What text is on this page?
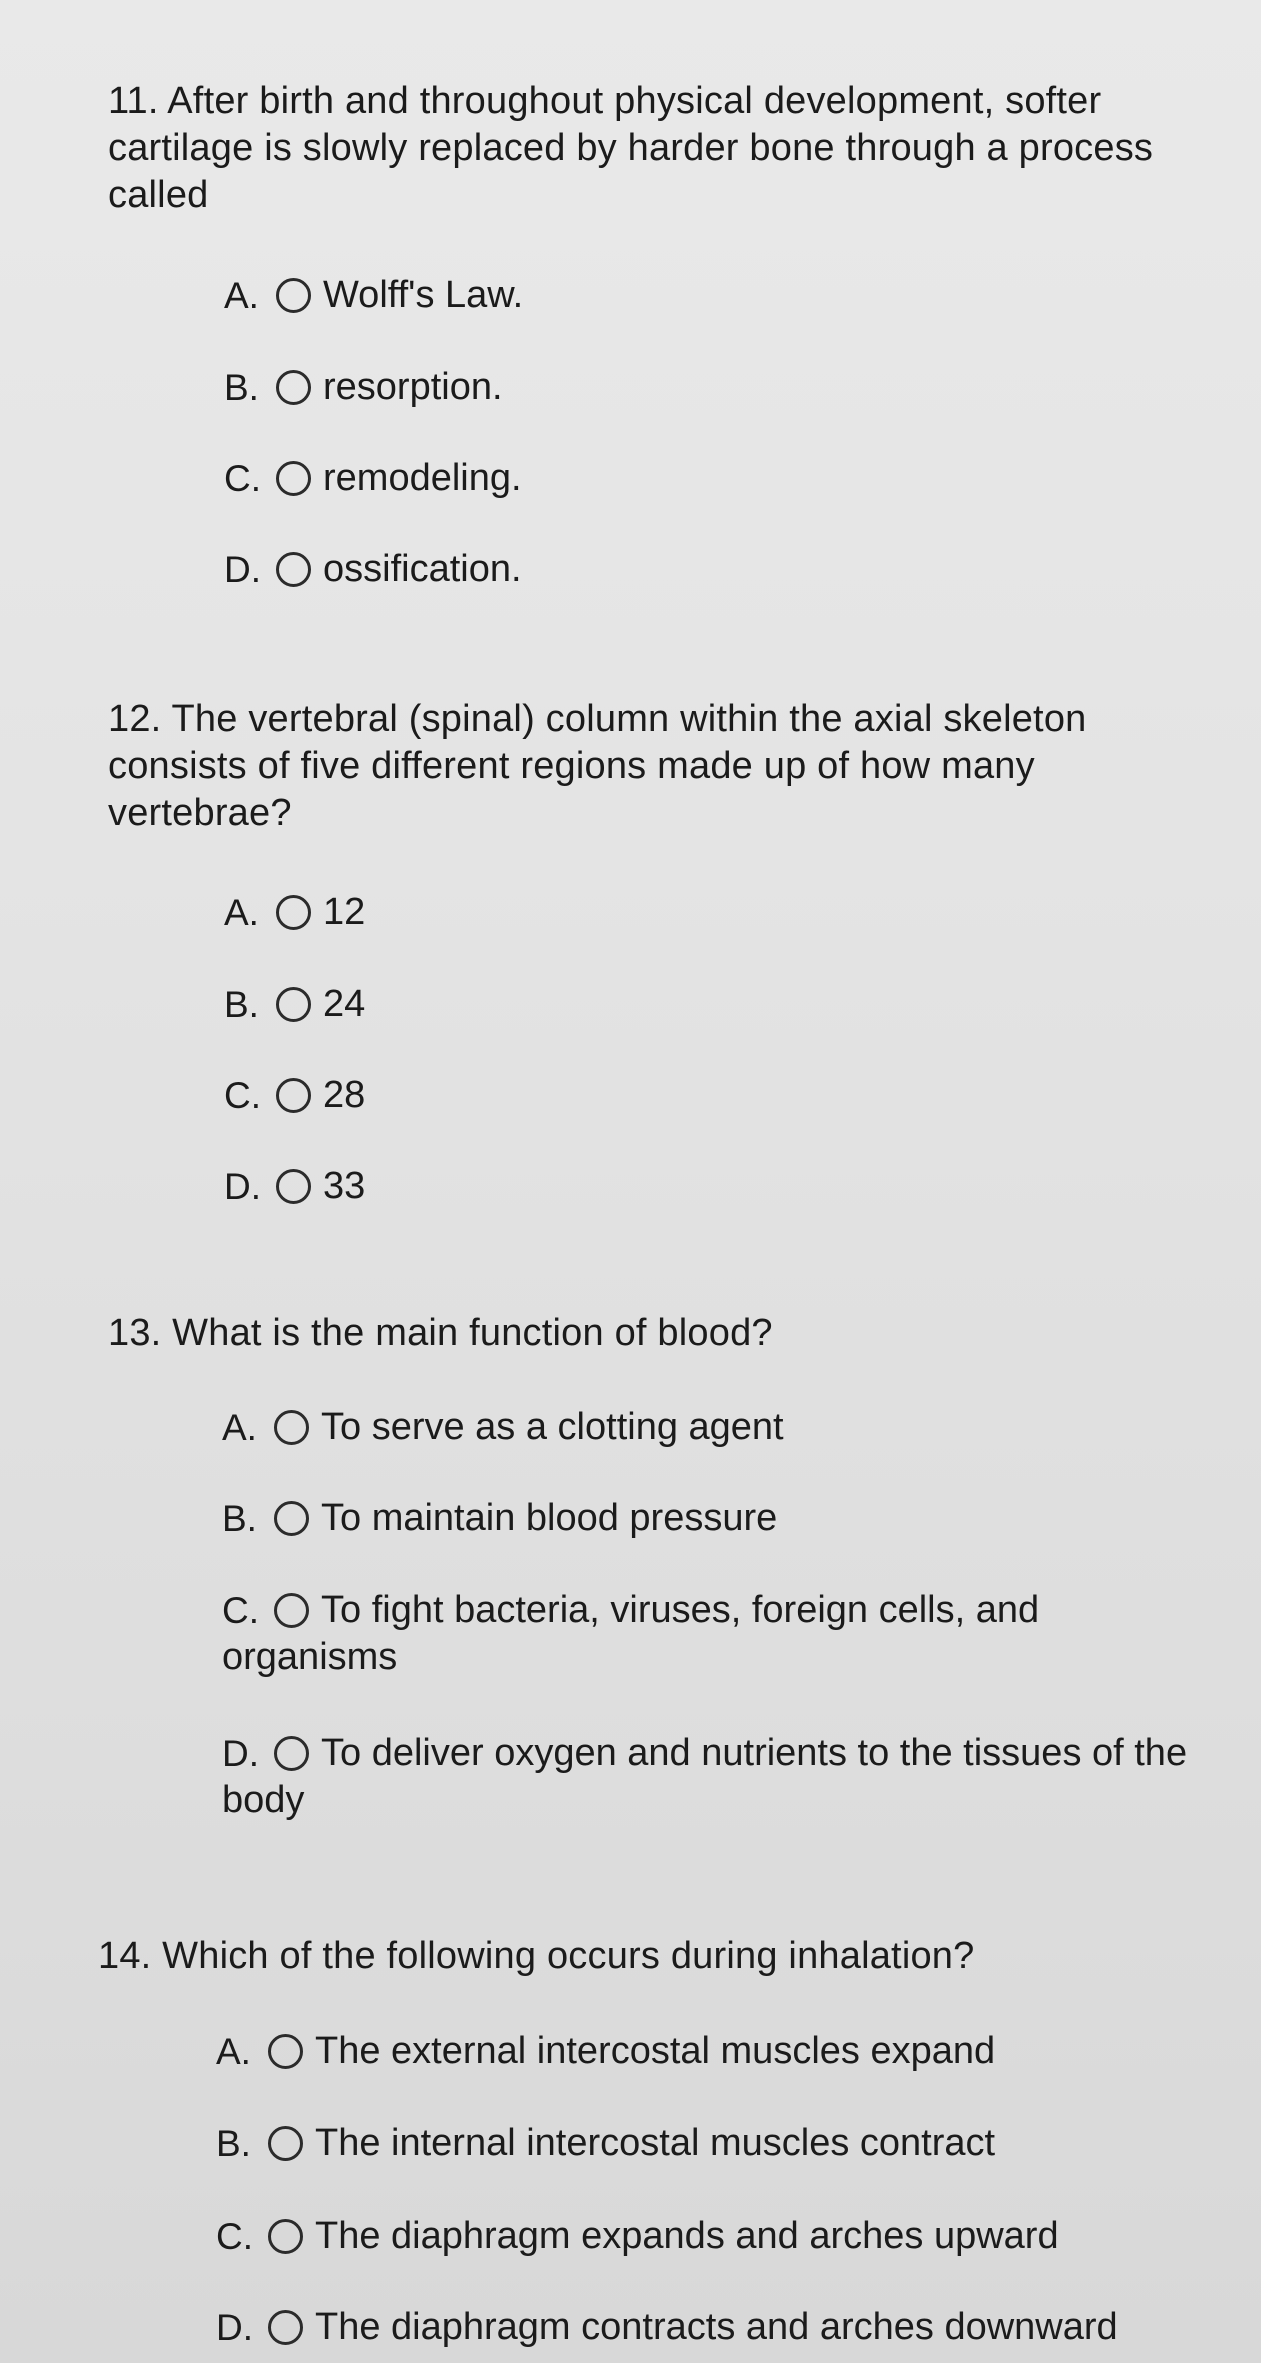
11. After birth and throughout physical development, softer
cartilage is slowly replaced by harder bone through a process
called
A.	Wolff's Law.
B.	resorption.
C.	remodeling.
D.	ossification.
12. The vertebral (spinal) column within the axial skeleton
consists of five different regions made up of how many
vertebrae?
A.	12
B.	24
C.	28
D.	33
13. What is the main function of blood?
A.	To serve as a clotting agent
B.	To maintain blood pressure
C. To fight bacteria, viruses, foreign cells, and organisms
D. To deliver oxygen and nutrients to the tissues of the body
14. Which of the following occurs during inhalation?
A.	The external intercostal muscles expand
B.	The internal intercostal muscles contract
C.	The diaphragm expands and arches upward
D.	The diaphragm contracts and arches downward
